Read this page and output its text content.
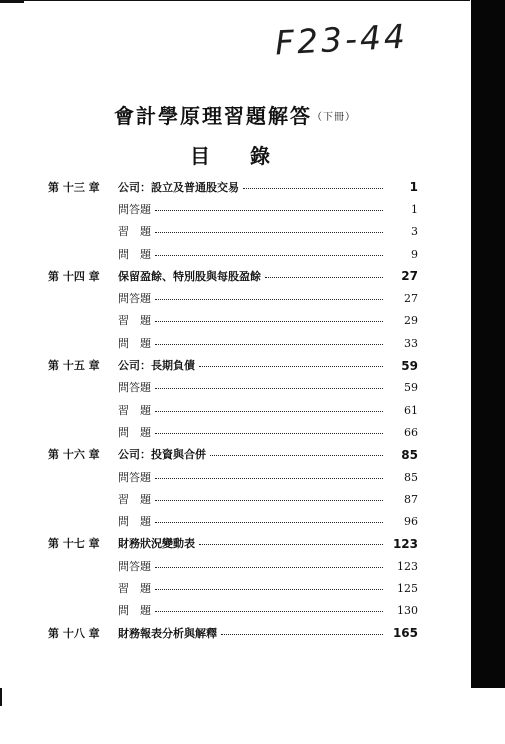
F23-44
會計學原理習題解答（下冊）
目 錄
第 十三 章	公司：設立及普通股交易	1
問答題	1
習　題	3
問　題	9
第 十四 章	保留盈餘、特別股與每股盈餘	27
問答題	27
習　題	29
問　題	33
第 十五 章	公司：長期負債	59
問答題	59
習　題	61
問　題	66
第 十六 章	公司：投資與合併	85
問答題	85
習　題	87
問　題	96
第 十七 章	財務狀況變動表	123
問答題	123
習　題	125
問　題	130
第 十八 章	財務報表分析與解釋	165
